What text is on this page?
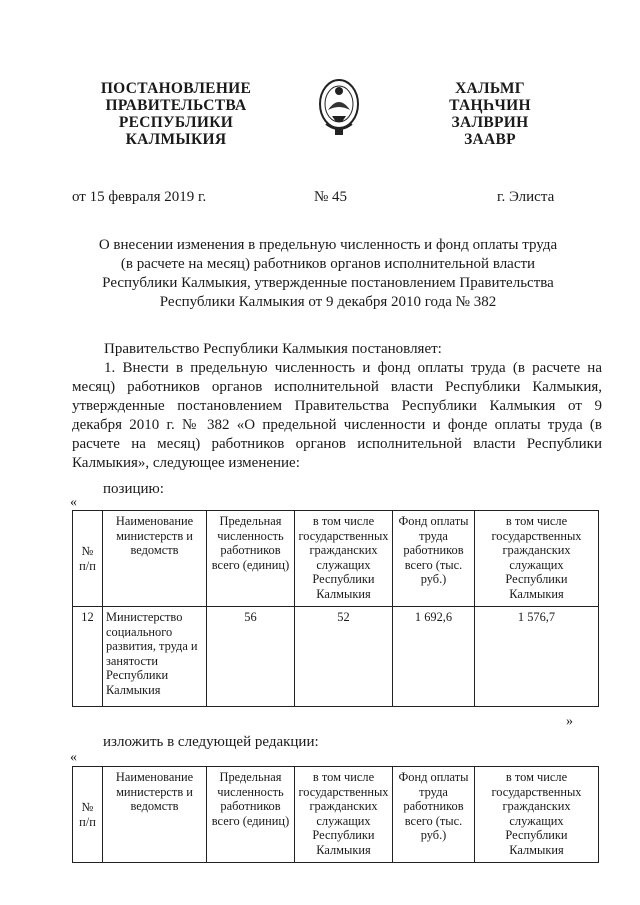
ПОСТАНОВЛЕНИЕ
ПРАВИТЕЛЬСТВА
РЕСПУБЛИКИ
КАЛМЫКИЯ
ХАЛЬМГ
ТАҢҺЧИН
ЗАЛВРИН
ЗААВР
от 15 февраля 2019 г.	№ 45	г. Элиста
О внесении изменения в предельную численность и фонд оплаты труда
(в расчете на месяц) работников органов исполнительной власти
Республики Калмыкия, утвержденные постановлением Правительства
Республики Калмыкия от 9 декабря 2010 года № 382
Правительство Республики Калмыкия постановляет:
1. Внести в предельную численность и фонд оплаты труда (в расчете на месяц) работников органов исполнительной власти Республики Калмыкия, утвержденные постановлением Правительства Республики Калмыкия от 9 декабря 2010 г. № 382 «О предельной численности и фонде оплаты труда (в расчете на месяц) работников органов исполнительной власти Республики Калмыкия», следующее изменение:
позицию:
«
№ п/п	Наименование министерств и ведомств	Предельная численность работников всего (единиц)	в том числе государственных гражданских служащих Республики Калмыкия	Фонд оплаты труда работников всего (тыс. руб.)	в том числе государственных гражданских служащих Республики Калмыкия
12	Министерство социального развития, труда и занятости Республики Калмыкия	56	52	1 692,6	1 576,7
»
изложить в следующей редакции:
«
№ п/п	Наименование министерств и ведомств	Предельная численность работников всего (единиц)	в том числе государственных гражданских служащих Республики Калмыкия	Фонд оплаты труда работников всего (тыс. руб.)	в том числе государственных гражданских служащих Республики Калмыкия
